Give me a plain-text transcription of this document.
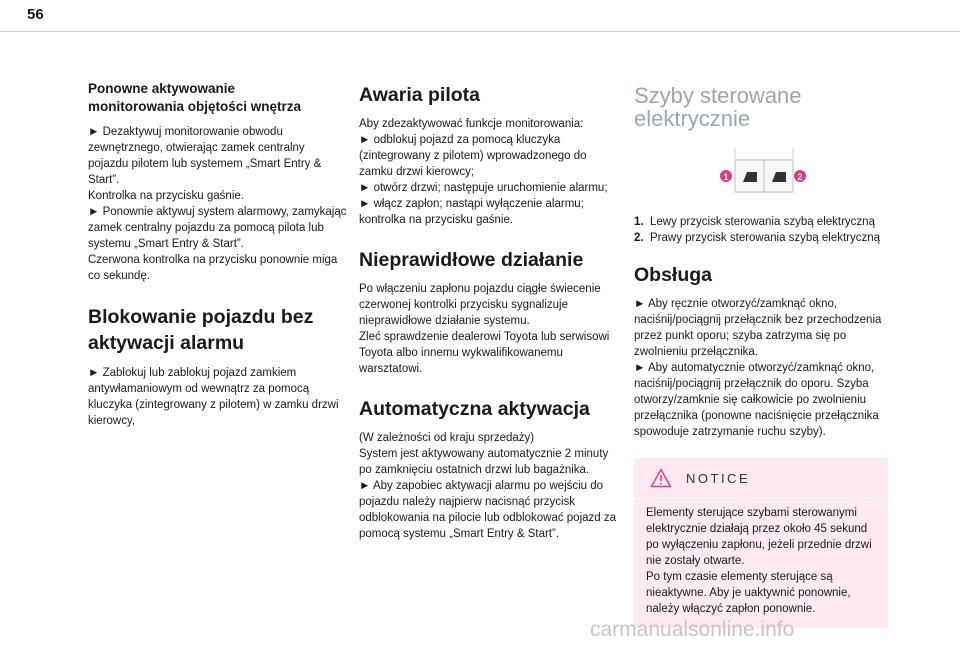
56
Ponowne aktywowanie
monitorowania objętości wnętrza

► Dezaktywuj monitorowanie obwodu zewnętrznego, otwierając zamek centralny pojazdu pilotem lub systemem „Smart Entry & Start”.
Kontrolka na przycisku gaśnie.
► Ponownie aktywuj system alarmowy, zamykając zamek centralny pojazdu za pomocą pilota lub systemu „Smart Entry & Start”.
Czerwona kontrolka na przycisku ponownie miga co sekundę.

Blokowanie pojazdu bez aktywacji alarmu

► Zablokuj lub zablokuj pojazd zamkiem antywłamaniowym od wewnątrz za pomocą kluczyka (zintegrowany z pilotem) w zamku drzwi kierowcy,

Awaria pilota

Aby zdezaktywować funkcje monitorowania:
► odblokuj pojazd za pomocą kluczyka (zintegrowany z pilotem) wprowadzonego do zamku drzwi kierowcy;
► otwórz drzwi; następuje uruchomienie alarmu;
► włącz zapłon; nastąpi wyłączenie alarmu; kontrolka na przycisku gaśnie.

Nieprawidłowe działanie

Po włączeniu zapłonu pojazdu ciągłe świecenie czerwonej kontrolki przycisku sygnalizuje nieprawidłowe działanie systemu.
Zleć sprawdzenie dealerowi Toyota lub serwisowi Toyota albo innemu wykwalifikowanemu warsztatowi.

Automatyczna aktywacja

(W zależności od kraju sprzedaży)
System jest aktywowany automatycznie 2 minuty po zamknięciu ostatnich drzwi lub bagażnika.
► Aby zapobiec aktywacji alarmu po wejściu do pojazdu należy najpierw nacisnąć przycisk odblokowania na pilocie lub odblokować pojazd za pomocą systemu „Smart Entry & Start”.

Szyby sterowane
elektrycznie
1	2
1. Lewy przycisk sterowania szybą elektryczną
2. Prawy przycisk sterowania szybą elektryczną
Obsługa

► Aby ręcznie otworzyć/zamknąć okno, naciśnij/pociągnij przełącznik bez przechodzenia przez punkt oporu; szyba zatrzyma się po zwolnieniu przełącznika.
► Aby automatycznie otworzyć/zamknąć okno, naciśnij/pociągnij przełącznik do oporu. Szyba otworzy/zamknie się całkowicie po zwolnieniu przełącznika (ponowne naciśnięcie przełącznika spowoduje zatrzymanie ruchu szyby).

NOTICE

Elementy sterujące szybami sterowanymi elektrycznie działają przez około 45 sekund po wyłączeniu zapłonu, jeżeli przednie drzwi nie zostały otwarte.
Po tym czasie elementy sterujące są nieaktywne. Aby je uaktywnić ponownie, należy włączyć zapłon ponownie.

carmanualsonline.info
